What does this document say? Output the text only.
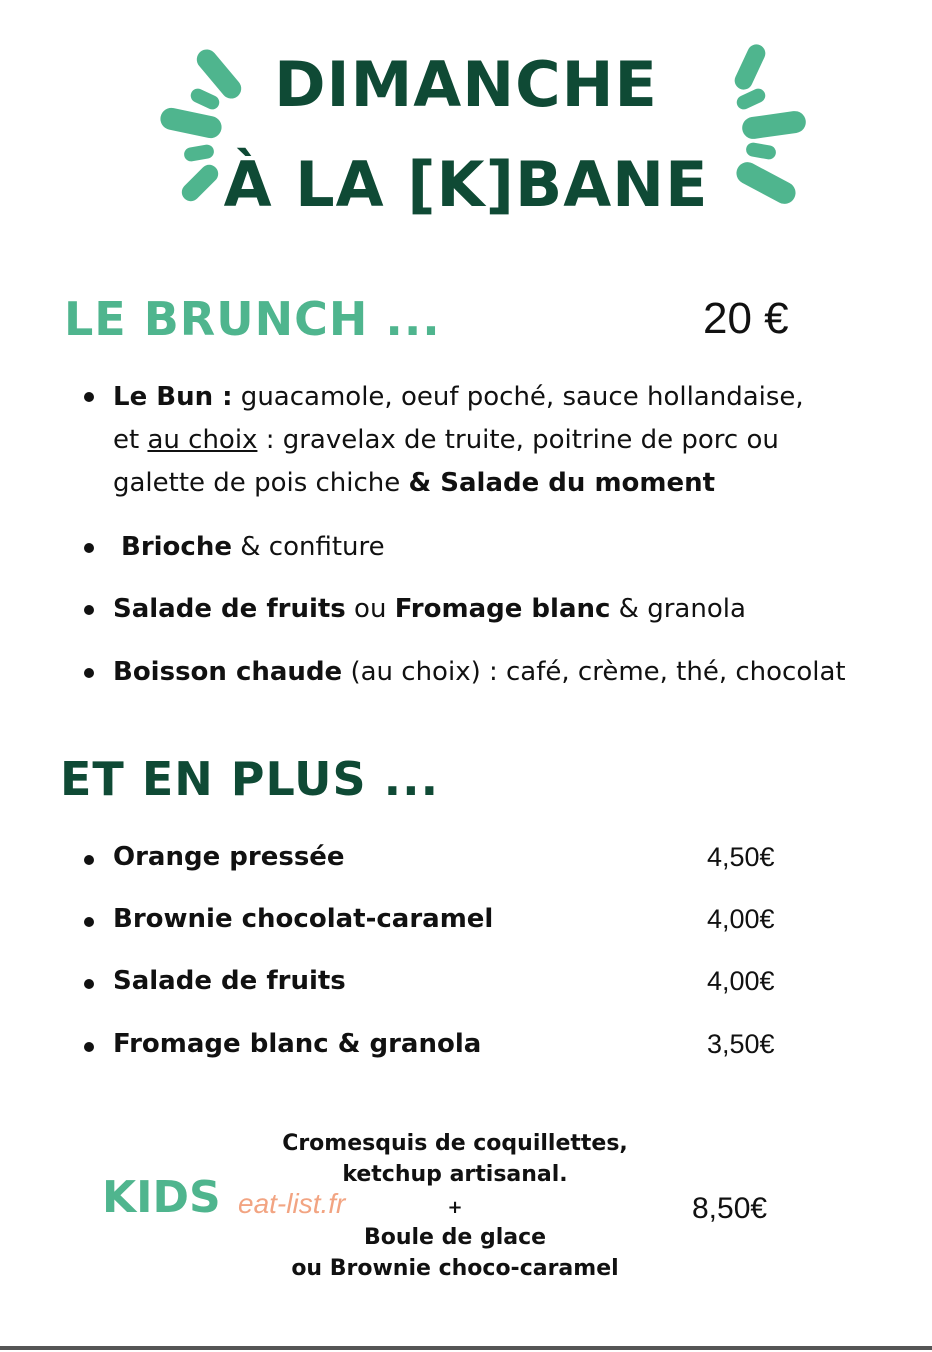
DIMANCHE
À LA [K]BANE
LE BRUNCH ...	20 €
Le Bun : guacamole, oeuf poché, sauce hollandaise,
et au choix : gravelax de truite, poitrine de porc ou
galette de pois chiche & Salade du moment
Brioche & confiture
Salade de fruits ou Fromage blanc & granola
Boisson chaude (au choix) : café, crème, thé, chocolat
ET EN PLUS ...
Orange pressée	4,50€
Brownie chocolat-caramel	4,00€
Salade de fruits	4,00€
Fromage blanc & granola	3,50€
KIDS eat-list.fr
Cromesquis de coquillettes,
ketchup artisanal.
+
Boule de glace
ou Brownie choco-caramel
8,50€
